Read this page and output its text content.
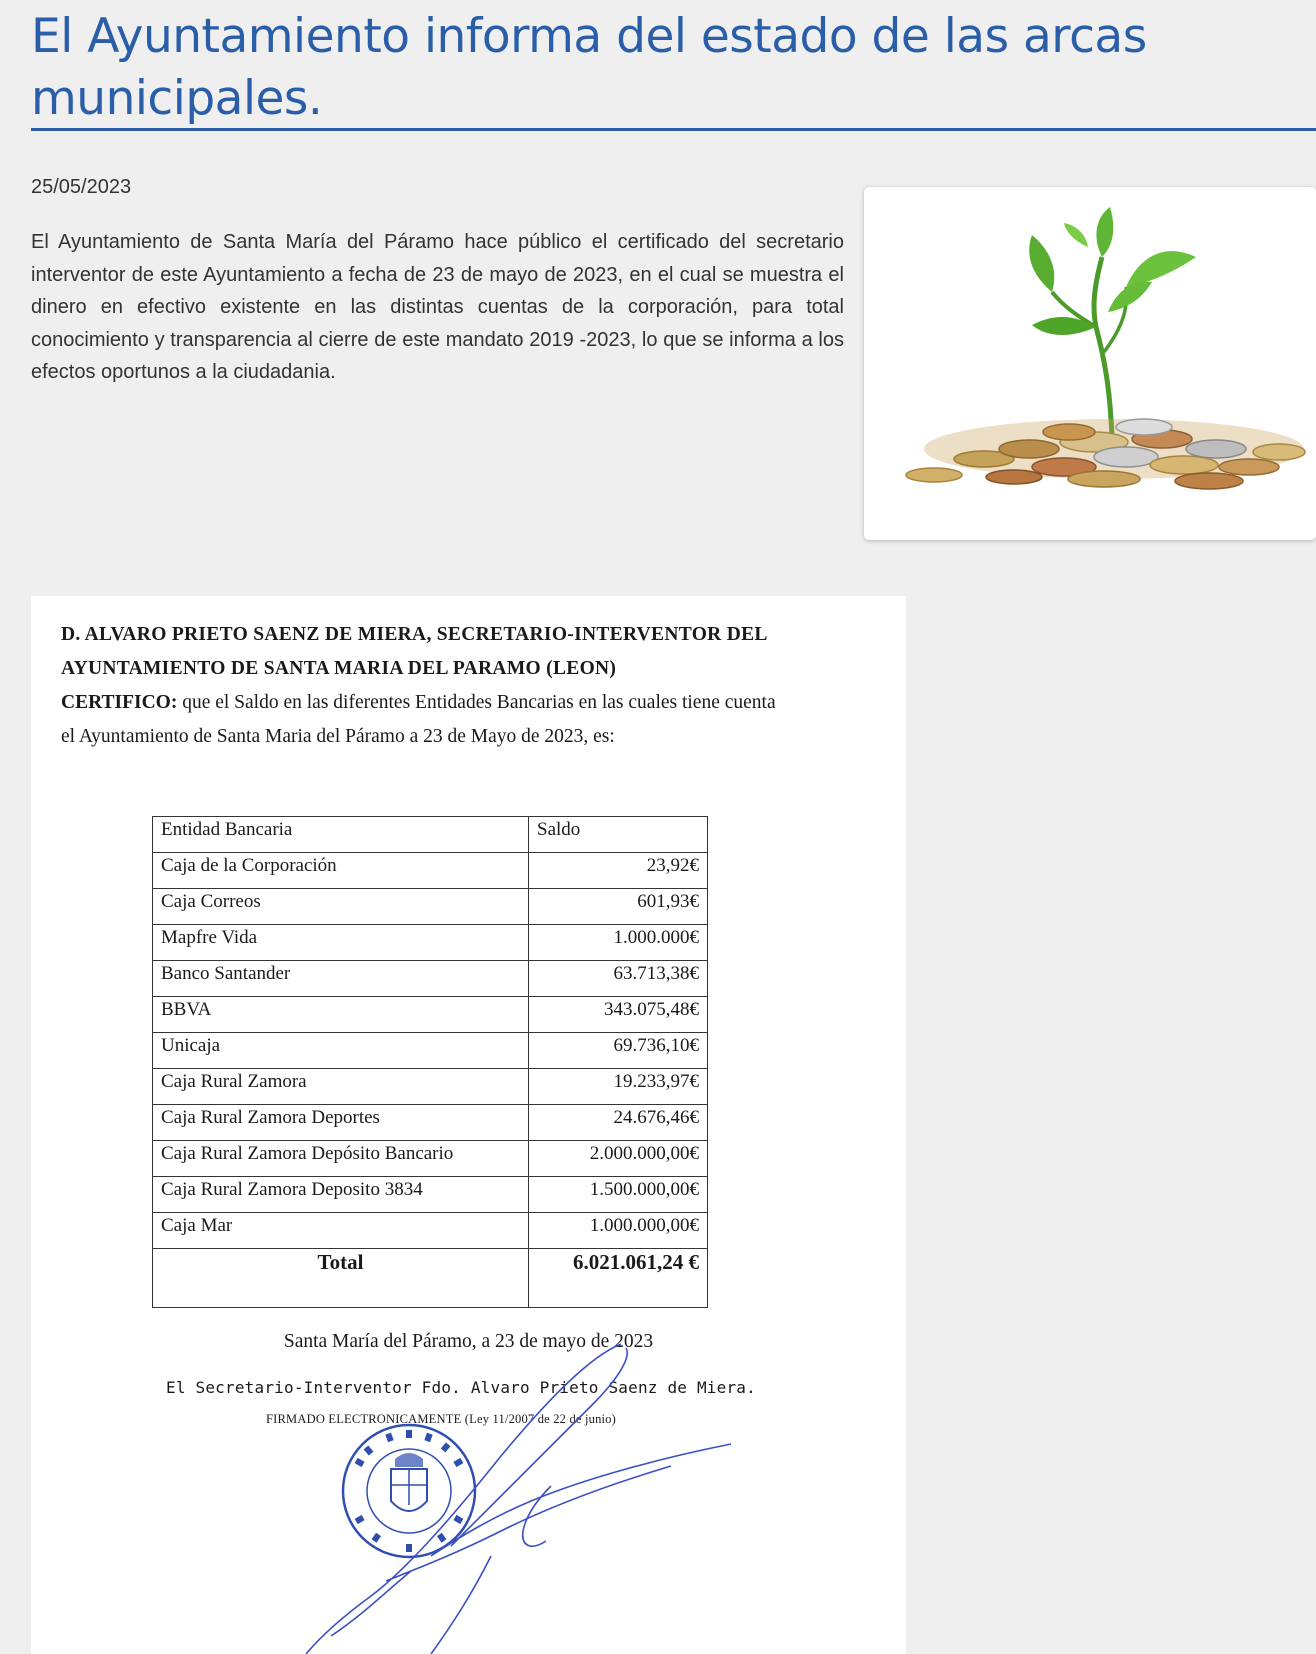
El Ayuntamiento informa del estado de las arcas municipales.
25/05/2023

El Ayuntamiento de Santa María del Páramo hace público el certificado del secretario interventor de este Ayuntamiento a fecha de 23 de mayo de 2023, en el cual se muestra el dinero en efectivo existente en las distintas cuentas de la corporación, para total conocimiento y transparencia al cierre de este mandato 2019 -2023, lo que se informa a los efectos oportunos a la ciudadania.

D. ALVARO PRIETO SAENZ DE MIERA, SECRETARIO-INTERVENTOR DEL
AYUNTAMIENTO DE SANTA MARIA DEL PARAMO (LEON)
CERTIFICO: que el Saldo en las diferentes Entidades Bancarias en las cuales tiene cuenta
el Ayuntamiento de Santa Maria del Páramo a 23 de Mayo de 2023, es:
Entidad Bancaria	Saldo
Caja de la Corporación	23,92€
Caja Correos	601,93€
Mapfre Vida	1.000.000€
Banco Santander	63.713,38€
BBVA	343.075,48€
Unicaja	69.736,10€
Caja Rural Zamora	19.233,97€
Caja Rural Zamora Deportes	24.676,46€
Caja Rural Zamora Depósito Bancario	2.000.000,00€
Caja Rural Zamora Deposito 3834	1.500.000,00€
Caja Mar	1.000.000,00€
Total	6.021.061,24 €
Santa María del Páramo, a 23 de mayo de 2023
El Secretario-Interventor Fdo. Alvaro Prieto Saenz de Miera.
FIRMADO ELECTRONICAMENTE (Ley 11/2007 de 22 de junio)
